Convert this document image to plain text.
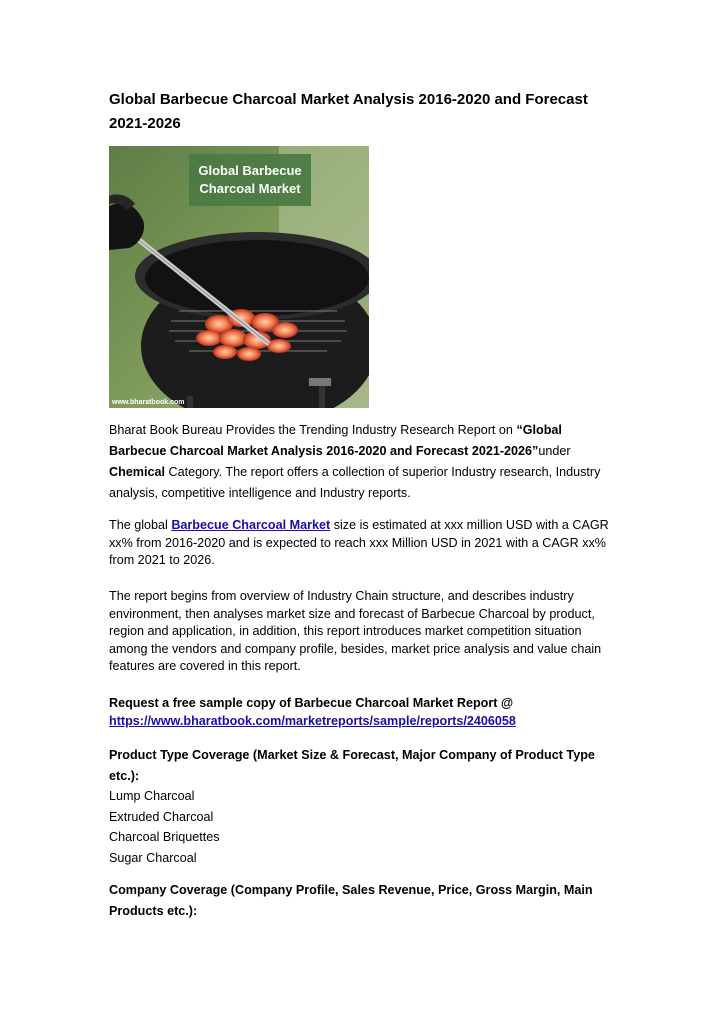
Global Barbecue Charcoal Market Analysis 2016-2020 and Forecast 2021-2026
Global Barbecue
Charcoal Market
www.bharatbook.com

Bharat Book Bureau Provides the Trending Industry Research Report on “Global Barbecue Charcoal Market Analysis 2016-2020 and Forecast 2021-2026”under Chemical Category. The report offers a collection of superior Industry research, Industry analysis, competitive intelligence and Industry reports.

The global Barbecue Charcoal Market size is estimated at xxx million USD with a CAGR xx% from 2016-2020 and is expected to reach xxx Million USD in 2021 with a CAGR xx% from 2021 to 2026.

The report begins from overview of Industry Chain structure, and describes industry environment, then analyses market size and forecast of Barbecue Charcoal by product, region and application, in addition, this report introduces market competition situation among the vendors and company profile, besides, market price analysis and value chain features are covered in this report.

Request a free sample copy of Barbecue Charcoal Market Report @
https://www.bharatbook.com/marketreports/sample/reports/2406058

Product Type Coverage (Market Size & Forecast, Major Company of Product Type etc.):

Lump Charcoal
Extruded Charcoal
Charcoal Briquettes
Sugar Charcoal

Company Coverage (Company Profile, Sales Revenue, Price, Gross Margin, Main Products etc.):
